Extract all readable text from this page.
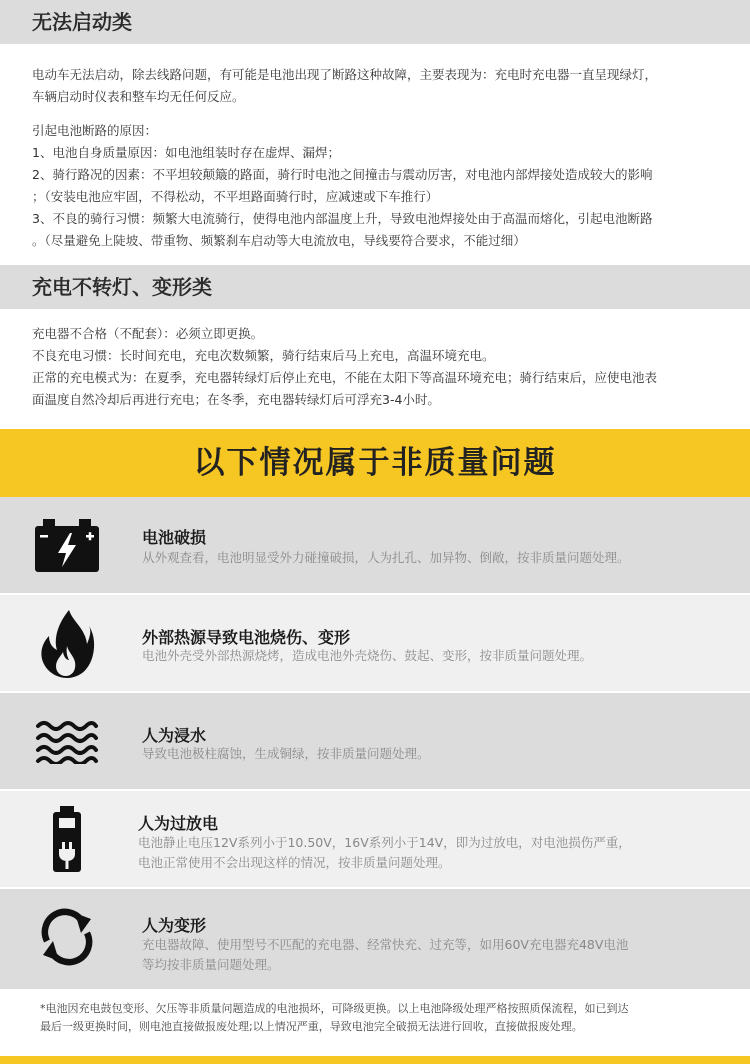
无法启动类

电动车无法启动，除去线路问题，有可能是电池出现了断路这种故障，主要表现为：充电时充电器一直呈现绿灯，

车辆启动时仪表和整车均无任何反应。

引起电池断路的原因：

1、电池自身质量原因：如电池组装时存在虚焊、漏焊；

2、骑行路况的因素：不平坦较颠簸的路面，骑行时电池之间撞击与震动厉害，对电池内部焊接处造成较大的影响

；（安装电池应牢固，不得松动，不平坦路面骑行时，应减速或下车推行）

3、不良的骑行习惯：频繁大电流骑行，使得电池内部温度上升，导致电池焊接处由于高温而熔化，引起电池断路

。（尽量避免上陡坡、带重物、频繁刹车启动等大电流放电，导线要符合要求，不能过细）

充电不转灯、变形类

充电器不合格（不配套）：必须立即更换。

不良充电习惯：长时间充电，充电次数频繁，骑行结束后马上充电，高温环境充电。

正常的充电模式为：在夏季，充电器转绿灯后停止充电，不能在太阳下等高温环境充电；骑行结束后，应使电池表

面温度自然冷却后再进行充电；在冬季，充电器转绿灯后可浮充3-4小时。

以下情况属于非质量问题
电池破损
从外观查看，电池明显受外力碰撞破损，人为扎孔、加异物、倒敞，按非质量问题处理。
外部热源导致电池烧伤、变形
电池外壳受外部热源烧烤，造成电池外壳烧伤、鼓起、变形，按非质量问题处理。
人为浸水
导致电池极柱腐蚀，生成铜绿，按非质量问题处理。
人为过放电
电池静止电压12V系列小于10.50V，16V系列小于14V，即为过放电，对电池损伤严重，
电池正常使用不会出现这样的情况，按非质量问题处理。
人为变形
充电器故障、使用型号不匹配的充电器、经常快充、过充等，如用60V充电器充48V电池
等均按非质量问题处理。
*电池因充电鼓包变形、欠压等非质量问题造成的电池损坏，可降级更换。以上电池降级处理严格按照质保流程，如已到达
最后一级更换时间，则电池直接做报废处理;以上情况严重，导致电池完全破损无法进行回收，直接做报废处理。
